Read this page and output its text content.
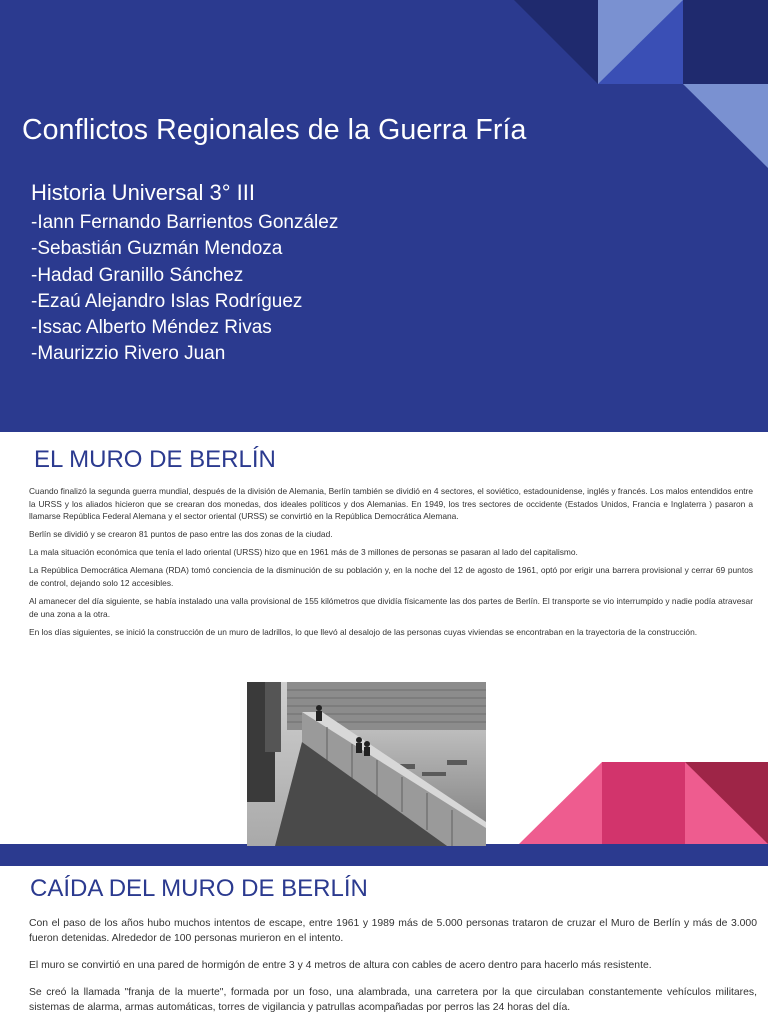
Conflictos Regionales de la Guerra Fría
Historia Universal 3° III
-Iann Fernando Barrientos González
-Sebastián Guzmán Mendoza
-Hadad Granillo Sánchez
-Ezaú Alejandro Islas Rodríguez
-Issac Alberto Méndez Rivas
-Maurizzio Rivero Juan
EL MURO DE BERLÍN

Cuando finalizó la segunda guerra mundial, después de la división de Alemania, Berlín también se dividió en 4 sectores, el soviético, estadounidense, inglés y francés. Los malos entendidos entre la URSS y los aliados hicieron que se crearan dos monedas, dos ideales políticos y dos Alemanias. En 1949, los tres sectores de occidente (Estados Unidos, Francia e Inglaterra ) pasaron a llamarse República Federal Alemana y el sector oriental (URSS) se convirtió en la República Democrática Alemana.

Berlín se dividió y se crearon 81 puntos de paso entre las dos zonas de la ciudad.

La mala situación económica que tenía el lado oriental (URSS) hizo que en 1961 más de 3 millones de personas se pasaran al lado del capitalismo.

La República Democrática Alemana (RDA) tomó conciencia de la disminución de su población y, en la noche del 12 de agosto de 1961, optó por erigir una barrera provisional y cerrar 69 puntos de control, dejando solo 12 accesibles.

Al amanecer del día siguiente, se había instalado una valla provisional de 155 kilómetros que dividía físicamente las dos partes de Berlín. El transporte se vio interrumpido y nadie podía atravesar de una zona a la otra.

En los días siguientes, se inició la construcción de un muro de ladrillos, lo que llevó al desalojo de las personas cuyas viviendas se encontraban en la trayectoria de la construcción.

CAÍDA DEL MURO DE BERLÍN

Con el paso de los años hubo muchos intentos de escape, entre 1961 y 1989 más de 5.000 personas trataron de cruzar el Muro de Berlín y más de 3.000 fueron detenidas. Alrededor de 100 personas murieron en el intento.

El muro se convirtió en una pared de hormigón de entre 3 y 4 metros de altura con cables de acero dentro para hacerlo más resistente.

Se creó la llamada "franja de la muerte", formada por un foso, una alambrada, una carretera por la que circulaban constantemente vehículos militares, sistemas de alarma, armas automáticas, torres de vigilancia y patrullas acompañadas por perros las 24 horas del día.
